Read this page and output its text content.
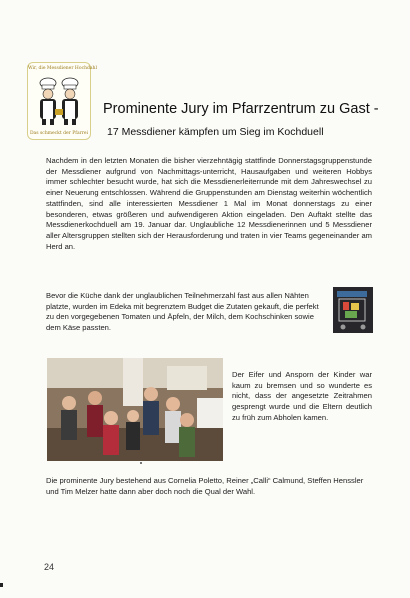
Wir, die Messdiener Hochdahl
Das schmeckt der Pfarrei
Prominente Jury im Pfarrzentrum zu Gast -
17 Messdiener kämpfen um Sieg im Kochduell

Nachdem in den letzten Monaten die bisher vierzehntägig stattfinde Donnerstagsgruppenstunde der Messdiener aufgrund von Nachmittags-unterricht, Hausaufgaben und weiteren Hobbys immer schlechter besucht wurde, hat sich die Messdienerleiterrunde mit dem Jahreswechsel zu einer Neuerung entschlossen. Während die Gruppenstunden am Dienstag weiterhin wöchentlich stattfinden, sind alle interessierten Messdiener 1 Mal im Monat donnerstags zu einer besonderen, etwas größeren und aufwendigeren Aktion eingeladen. Den Auftakt stellte das Messdienerkochduell am 19. Januar dar. Unglaubliche 12 Messdienerinnen und 5 Messdiener aller Altersgruppen stellten sich der Herausforderung und traten in vier Teams gegeneinander am Herd an.

Bevor die Küche dank der unglaublichen Teilnehmerzahl fast aus allen Nähten platzte, wurden im Edeka mit begrenztem Budget die Zutaten gekauft, die perfekt zu den vorgegebenen Tomaten und Äpfeln, der Milch, dem Kochschinken sowie dem Käse passten.

Der Eifer und Ansporn der Kinder war kaum zu bremsen und so wunderte es nicht, dass der angesetzte Zeitrahmen gesprengt wurde und die Eltern deutlich zu früh zum Abholen kamen.

Die prominente Jury bestehend aus Cornelia Poletto, Reiner „Calli“ Calmund, Steffen Henssler und Tim Melzer hatte dann aber doch noch die Qual der Wahl.

24
